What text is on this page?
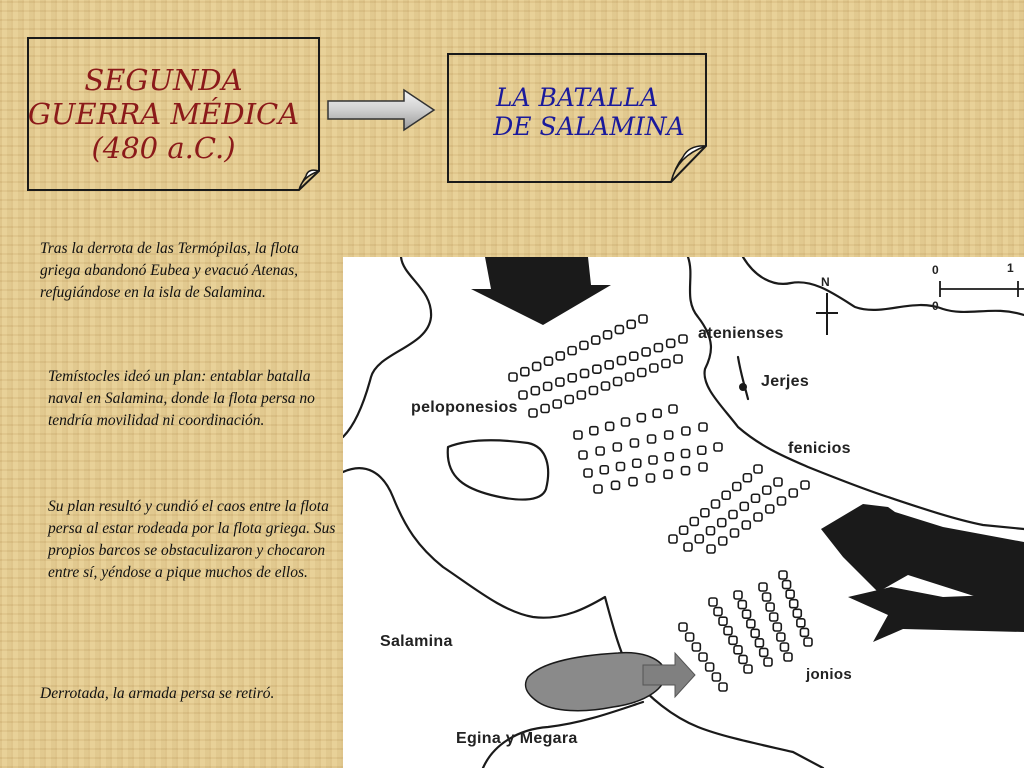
SEGUNDA
GUERRA MÉDICA
(480 a.C.)
LA BATALLA
DE SALAMINA

Tras la derrota de las Termópilas, la flota griega abandonó Eubea y evacuó Atenas, refugiándose en la isla de Salamina.

Temístocles ideó un plan: entablar batalla naval en Salamina, donde la flota persa no tendría movilidad ni coordinación.

Su plan resultó y cundió el caos entre la flota persa al estar rodeada por la flota griega. Sus propios barcos se obstaculizaron y chocaron entre sí, yéndose a pique muchos de ellos.

Derrotada, la armada persa se retiró.

atenienses
Jerjes
peloponesios
fenicios
Salamina
jonios
Egina y Megara
N
0
0
1
